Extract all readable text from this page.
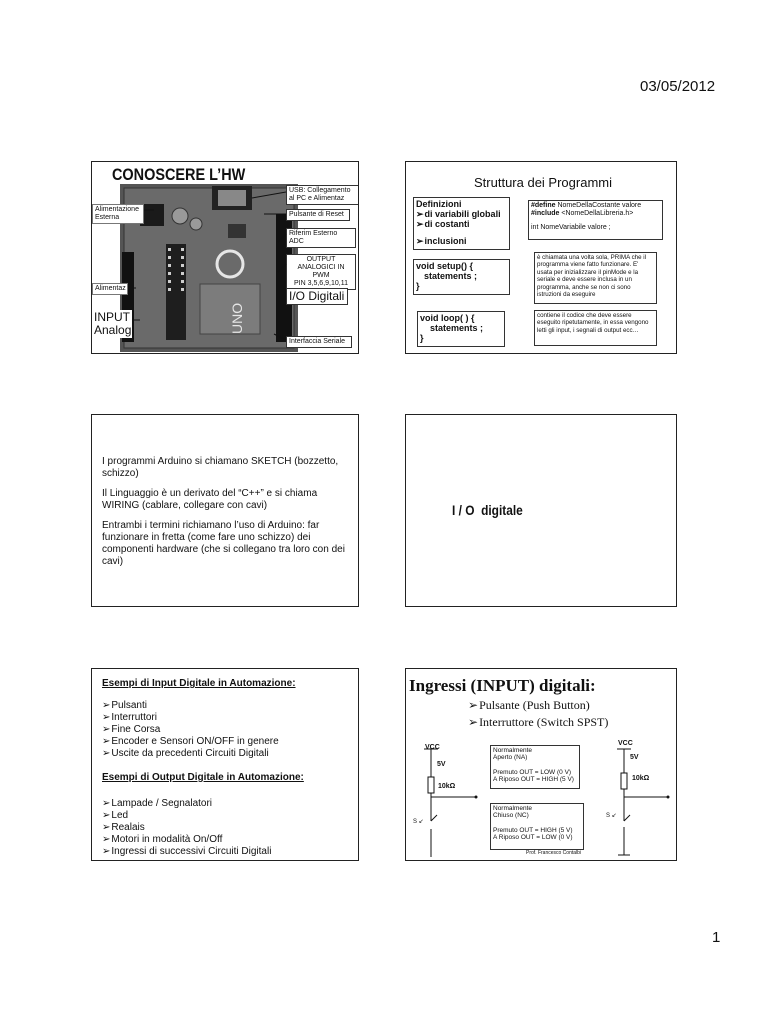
03/05/2012
CONOSCERE L’HW
UNO
USB: Collegamento al PC e Alimentaz
Alimentazione Esterna	Pulsante di Reset
Riferim Esterno ADC
OUTPUT ANALOGICI IN PWM
PIN 3,5,6,9,10,11
Alimentaz
I/O Digitali
INPUT Analog
Interfaccia Seriale
Struttura dei Programmi
Definizioni
➢ di variabili globali
➢ di costanti
➢ inclusioni
#define NomeDellaCostante valore
#include <NomeDellaLibreria.h>
int NomeVariabile valore ;
void setup() {
statements ;
}
è chiamata una volta sola, PRIMA che il programma viene fatto funzionare. E' usata per inizializzare il pinMode e la seriale e deve essere inclusa in un programma, anche se non ci sono istruzioni da eseguire
void loop( ) {
statements ;
}
contiene il codice che deve essere eseguito ripetutamente, in essa vengono letti gli input, i segnali di output ecc…

I programmi Arduino si chiamano SKETCH (bozzetto, schizzo)

Il Linguaggio è un derivato del “C++” e si chiama WIRING (cablare, collegare con cavi)

Entrambi i termini richiamano l’uso di Arduino: far funzionare in fretta (come fare uno schizzo) dei componenti hardware (che si collegano tra loro con dei cavi)

I / O digitale
Esempi di Input Digitale in Automazione:
➢ Pulsanti
➢ Interruttori
➢ Fine Corsa
➢ Encoder e Sensori ON/OFF in genere
➢ Uscite da precedenti Circuiti Digitali
Esempi di Output Digitale in Automazione:
➢ Lampade / Segnalatori
➢ Led
➢ Realais
➢ Motori in modalità On/Off
➢ Ingressi di successivi Circuiti Digitali
Ingressi (INPUT) digitali:
➢ Pulsante (Push Button)
➢ Interruttore (Switch SPST)
VCC
5V
10kΩ
S ↙
VCC
5V
10kΩ
S ↙
Normalmente
Aperto (NA)
Premuto OUT = LOW (0 V)
A Riposo OUT = HIGH (5 V)
Normalmente
Chiuso (NC)
Premuto OUT = HIGH (5 V)
A Riposo OUT = LOW (0 V)
Prof. Francesco Contalbi
1
